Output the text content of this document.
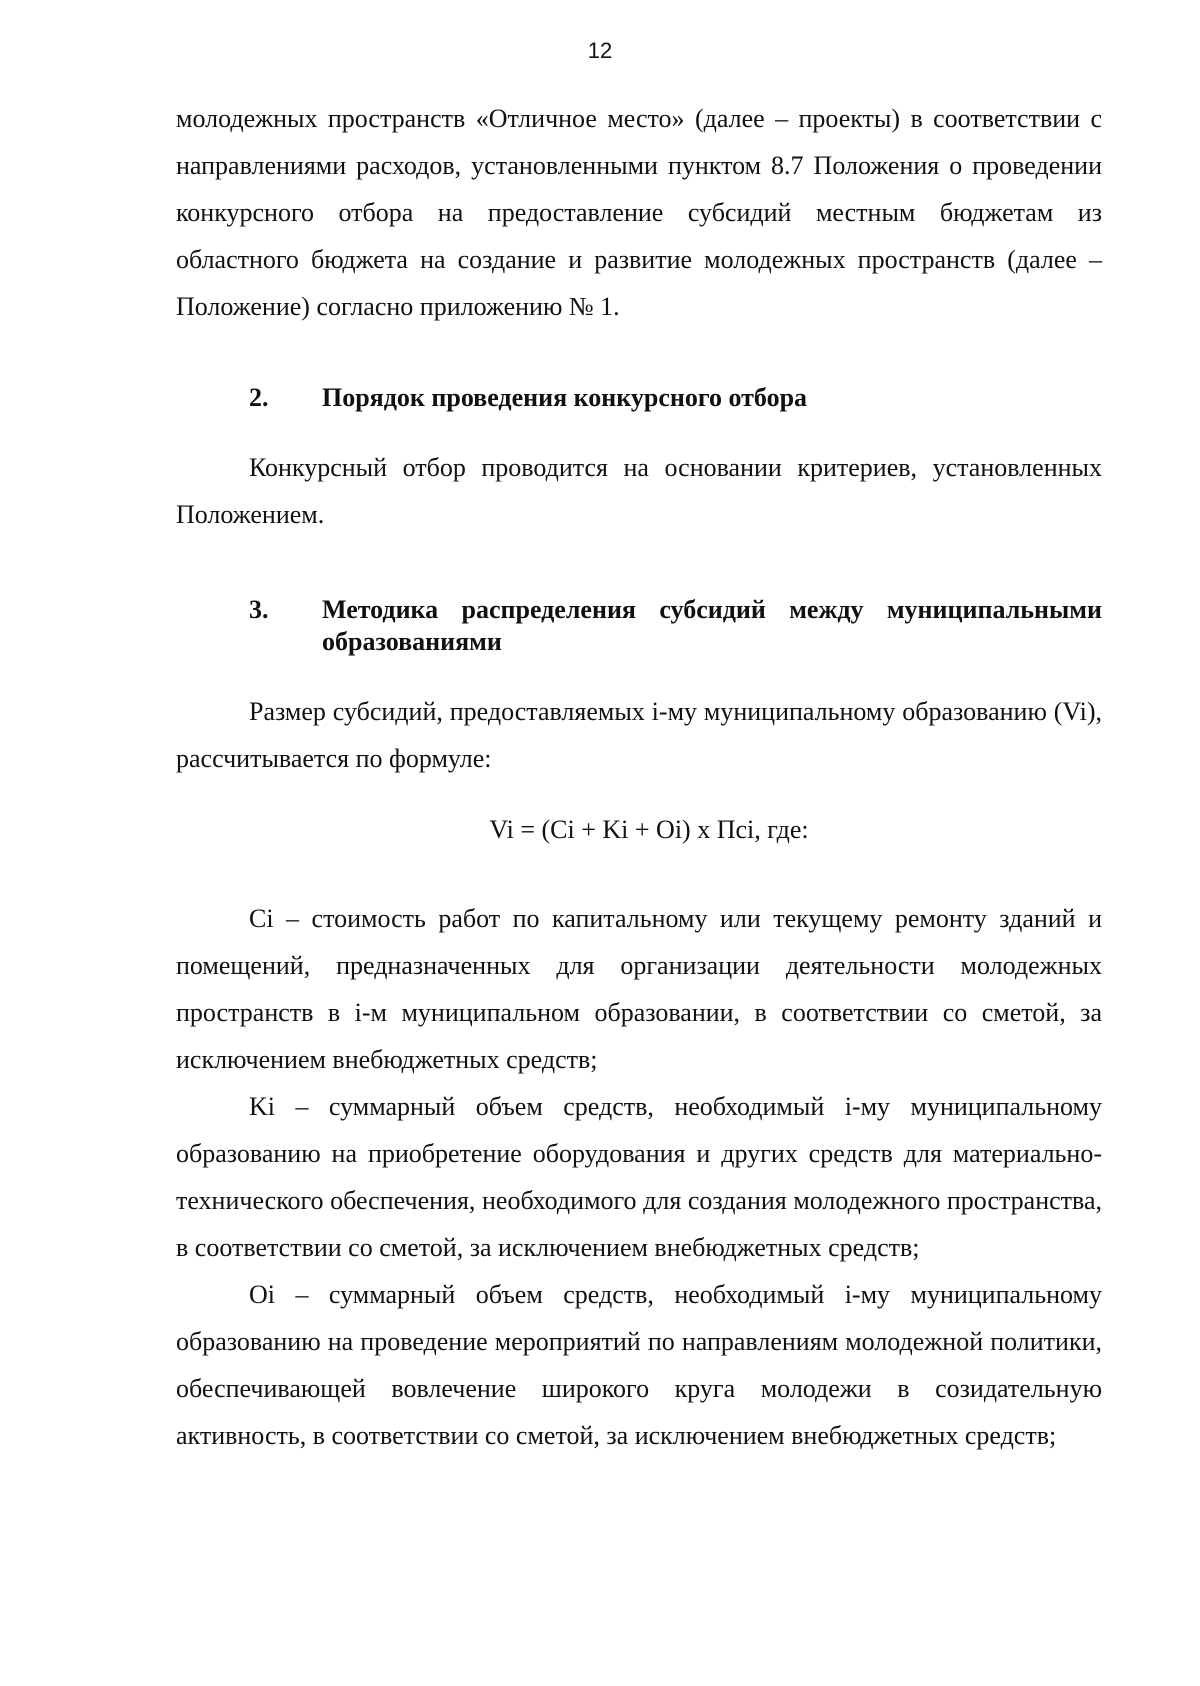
12

молодежных пространств «Отличное место» (далее – проекты) в соответствии с направлениями расходов, установленными пунктом 8.7 Положения о проведении конкурсного отбора на предоставление субсидий местным бюджетам из областного бюджета на создание и развитие молодежных пространств (далее – Положение) согласно приложению № 1.

2.	Порядок проведения конкурсного отбора

Конкурсный отбор проводится на основании критериев, установленных Положением.

3.	Методика распределения субсидий между муниципальными образованиями

Размер субсидий, предоставляемых i-му муниципальному образованию (Vi), рассчитывается по формуле:

Vi = (Ci + Ki + Oi) x Пci, где:

Ci – стоимость работ по капитальному или текущему ремонту зданий и помещений, предназначенных для организации деятельности молодежных пространств в i-м муниципальном образовании, в соответствии со сметой, за исключением внебюджетных средств;

Ki – суммарный объем средств, необходимый i-му муниципальному образованию на приобретение оборудования и других средств для материально-технического обеспечения, необходимого для создания молодежного пространства, в соответствии со сметой, за исключением внебюджетных средств;

Oi – суммарный объем средств, необходимый i-му муниципальному образованию на проведение мероприятий по направлениям молодежной политики, обеспечивающей вовлечение широкого круга молодежи в созидательную активность, в соответствии со сметой, за исключением внебюджетных средств;
